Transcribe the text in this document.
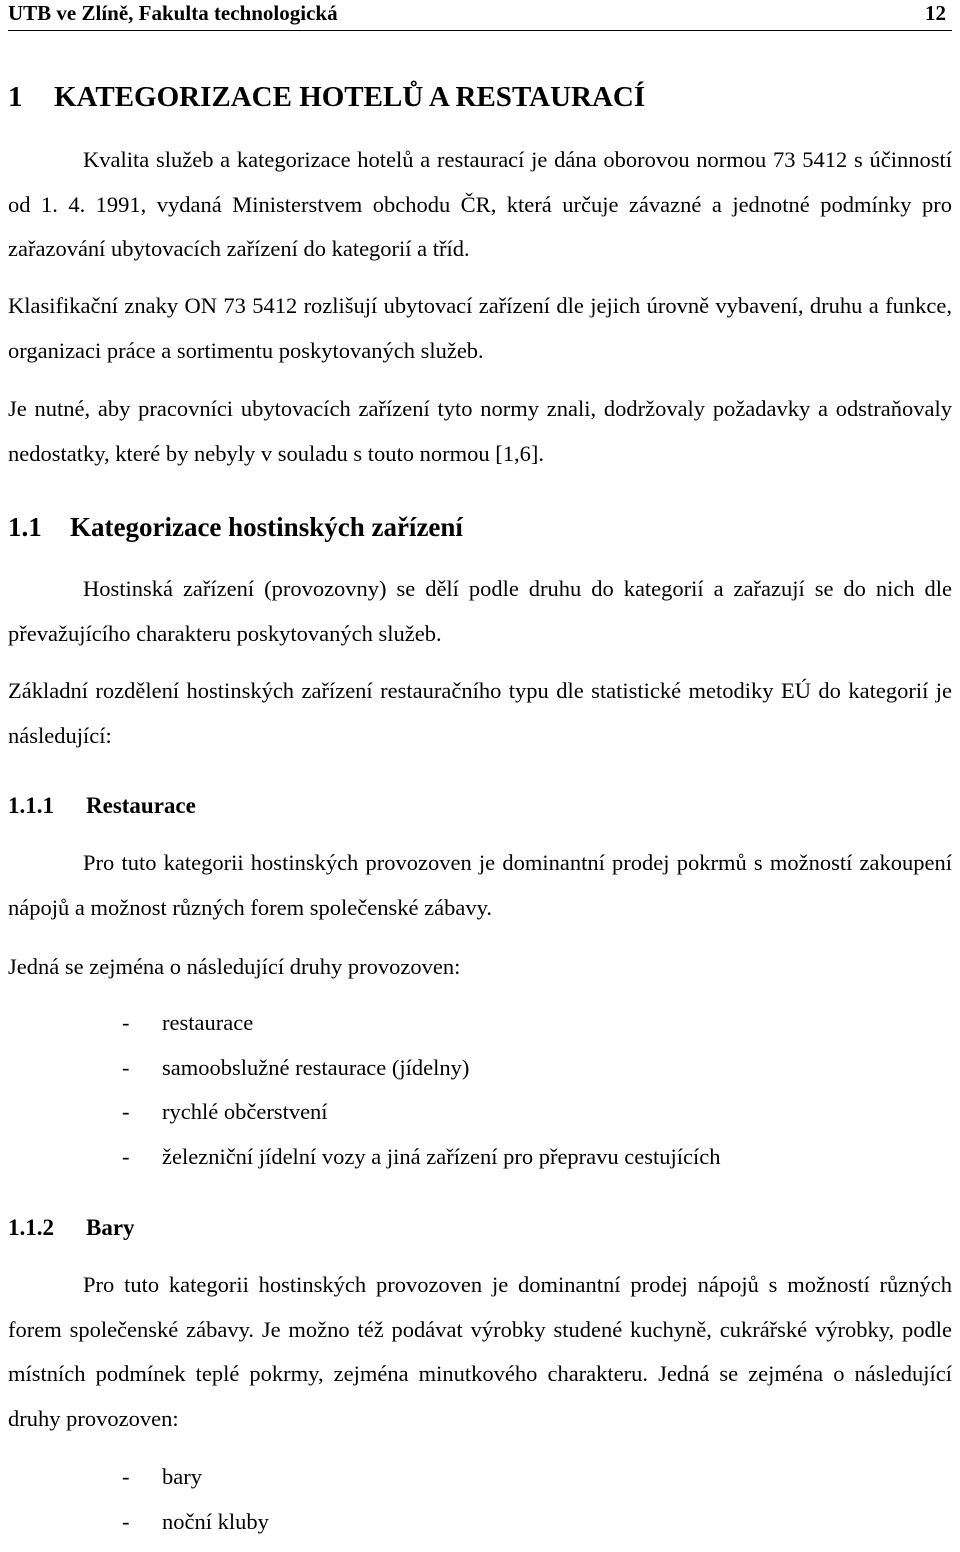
UTB ve Zlíně, Fakultа technologická	12
1 KATEGORIZACE HOTELŮ A RESTAURACÍ

Kvalita služeb a kategorizace hotelů a restaurací je dána oborovou normou 73 5412 s účinností od 1. 4. 1991, vydaná Ministerstvem obchodu ČR, která určuje závazné a jednotné podmínky pro zařazování ubytovacích zařízení do kategorií a tříd.

Klasifikační znaky ON 73 5412 rozlišují ubytovací zařízení dle jejich úrovně vybavení, druhu a funkce, organizaci práce a sortimentu poskytovaných služeb.

Je nutné, aby pracovníci ubytovacích zařízení tyto normy znali, dodržovaly požadavky a odstraňovaly nedostatky, které by nebyly v souladu s touto normou [1,6].

1.1 Kategorizace hostinských zařízení

Hostinská zařízení (provozovny) se dělí podle druhu do kategorií a zařazují se do nich dle převažujícího charakteru poskytovaných služeb.

Základní rozdělení hostinských zařízení restauračního typu dle statistické metodiky EÚ do kategorií je následující:

1.1.1 Restaurace

Pro tuto kategorii hostinských provozoven je dominantní prodej pokrmů s možností zakoupení nápojů a možnost různých forem společenské zábavy.

Jedná se zejména o následující druhy provozoven:
- restaurace
- samoobslužné restaurace (jídelny)
- rychlé občerstvení
- železniční jídelní vozy a jiná zařízení pro přepravu cestujících
1.1.2 Bary

Pro tuto kategorii hostinských provozoven je dominantní prodej nápojů s možností různých forem společenské zábavy. Je možno též podávat výrobky studené kuchyně, cukrářské výrobky, podle místních podmínek teplé pokrmy, zejména minutkového charakteru. Jedná se zejména o následující druhy provozoven:

- bary
- noční kluby
